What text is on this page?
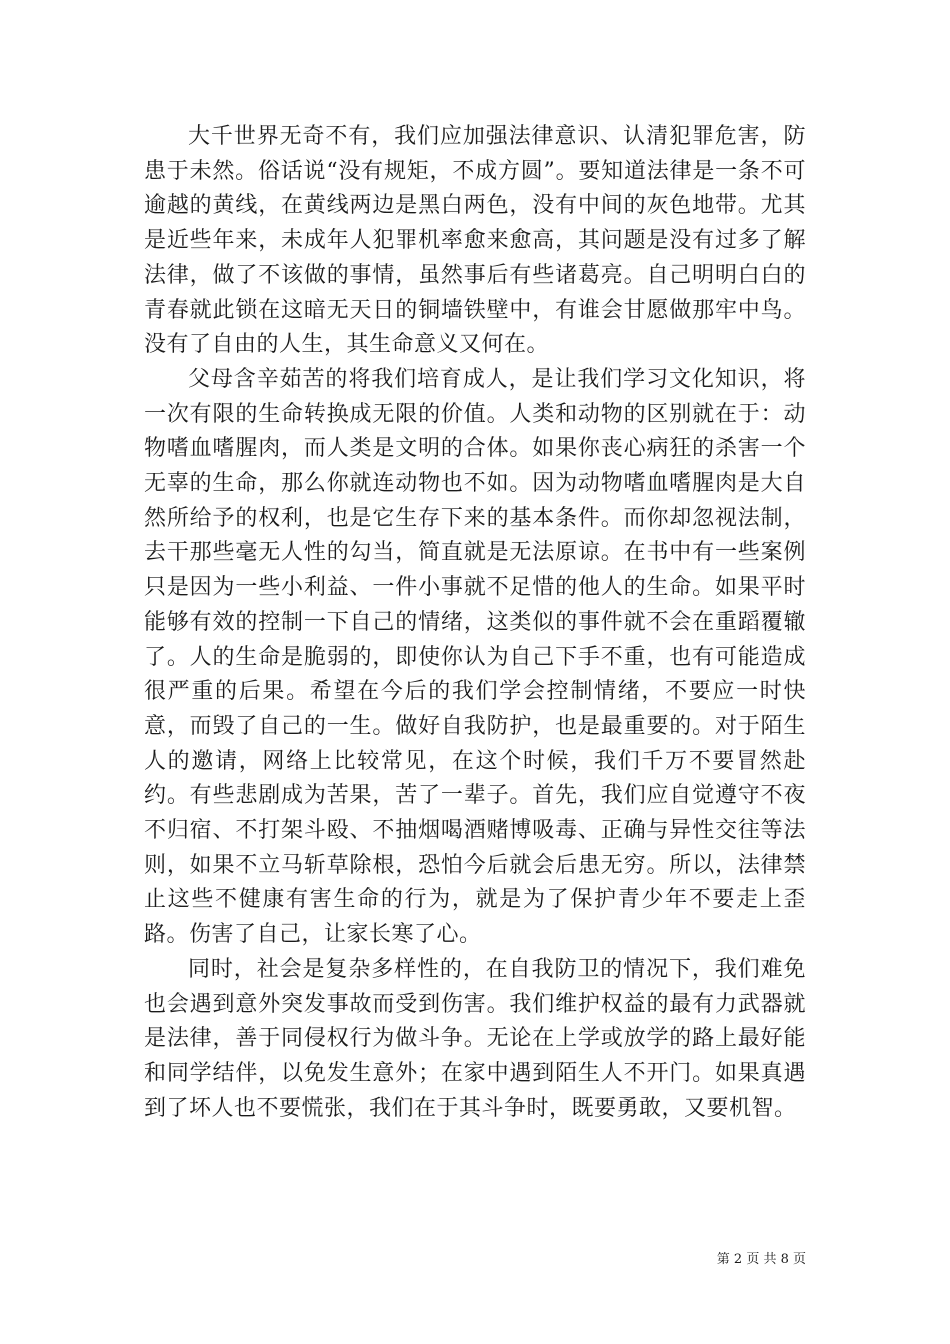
大千世界无奇不有，我们应加强法律意识、认清犯罪危害，防患于未然。俗话说“没有规矩，不成方圆”。要知道法律是一条不可逾越的黄线，在黄线两边是黑白两色，没有中间的灰色地带。尤其是近些年来，未成年人犯罪机率愈来愈高，其问题是没有过多了解法律，做了不该做的事情，虽然事后有些诸葛亮。自己明明白白的青春就此锁在这暗无天日的铜墙铁壁中，有谁会甘愿做那牢中鸟。没有了自由的人生，其生命意义又何在。

父母含辛茹苦的将我们培育成人，是让我们学习文化知识，将一次有限的生命转换成无限的价值。人类和动物的区别就在于：动物嗜血嗜腥肉，而人类是文明的合体。如果你丧心病狂的杀害一个无辜的生命，那么你就连动物也不如。因为动物嗜血嗜腥肉是大自然所给予的权利，也是它生存下来的基本条件。而你却忽视法制，去干那些毫无人性的勾当，简直就是无法原谅。在书中有一些案例只是因为一些小利益、一件小事就不足惜的他人的生命。如果平时能够有效的控制一下自己的情绪，这类似的事件就不会在重蹈覆辙了。人的生命是脆弱的，即使你认为自己下手不重，也有可能造成很严重的后果。希望在今后的我们学会控制情绪，不要应一时快意，而毁了自己的一生。做好自我防护，也是最重要的。对于陌生人的邀请，网络上比较常见，在这个时候，我们千万不要冒然赴约。有些悲剧成为苦果，苦了一辈子。首先，我们应自觉遵守不夜不归宿、不打架斗殴、不抽烟喝酒赌博吸毒、正确与异性交往等法则，如果不立马斩草除根，恐怕今后就会后患无穷。所以，法律禁止这些不健康有害生命的行为，就是为了保护青少年不要走上歪路。伤害了自己，让家长寒了心。

同时，社会是复杂多样性的，在自我防卫的情况下，我们难免也会遇到意外突发事故而受到伤害。我们维护权益的最有力武器就是法律，善于同侵权行为做斗争。无论在上学或放学的路上最好能和同学结伴，以免发生意外；在家中遇到陌生人不开门。如果真遇到了坏人也不要慌张，我们在于其斗争时，既要勇敢，又要机智。

第 2 页 共 8 页
